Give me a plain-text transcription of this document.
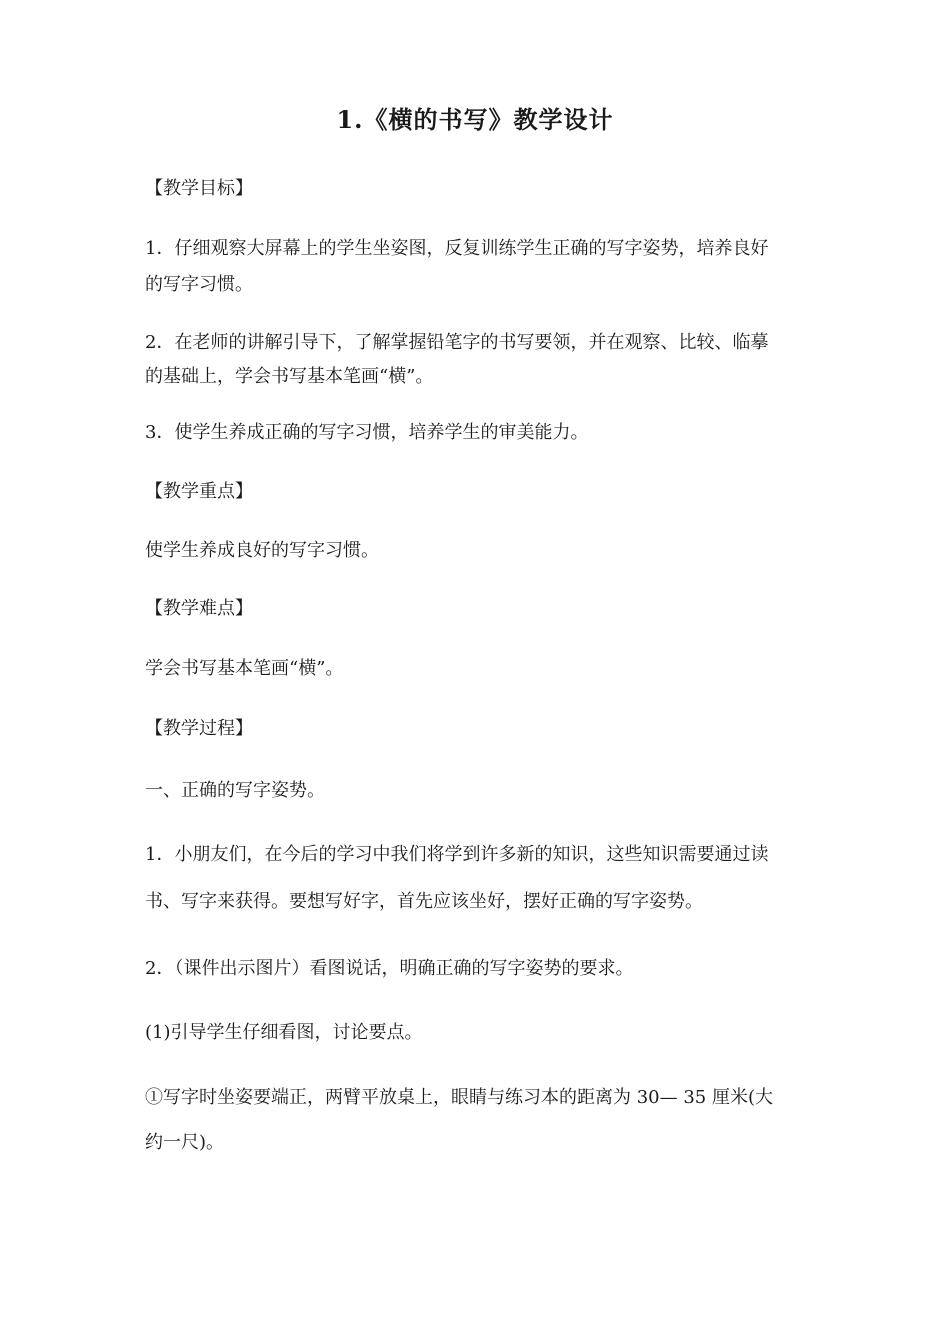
1.《横的书写》教学设计
【教学目标】
1．仔细观察大屏幕上的学生坐姿图，反复训练学生正确的写字姿势，培养良好
的写字习惯。
2．在老师的讲解引导下，了解掌握铅笔字的书写要领，并在观察、比较、临摹
的基础上，学会书写基本笔画“横”。
3．使学生养成正确的写字习惯，培养学生的审美能力。
【教学重点】
使学生养成良好的写字习惯。
【教学难点】
学会书写基本笔画“横”。
【教学过程】
一、正确的写字姿势。
1．小朋友们，在今后的学习中我们将学到许多新的知识，这些知识需要通过读
书、写字来获得。要想写好字，首先应该坐好，摆好正确的写字姿势。
2．（课件出示图片）看图说话，明确正确的写字姿势的要求。
(1)引导学生仔细看图，讨论要点。
①写字时坐姿要端正，两臂平放桌上，眼睛与练习本的距离为 30— 35 厘米(大
约一尺)。
